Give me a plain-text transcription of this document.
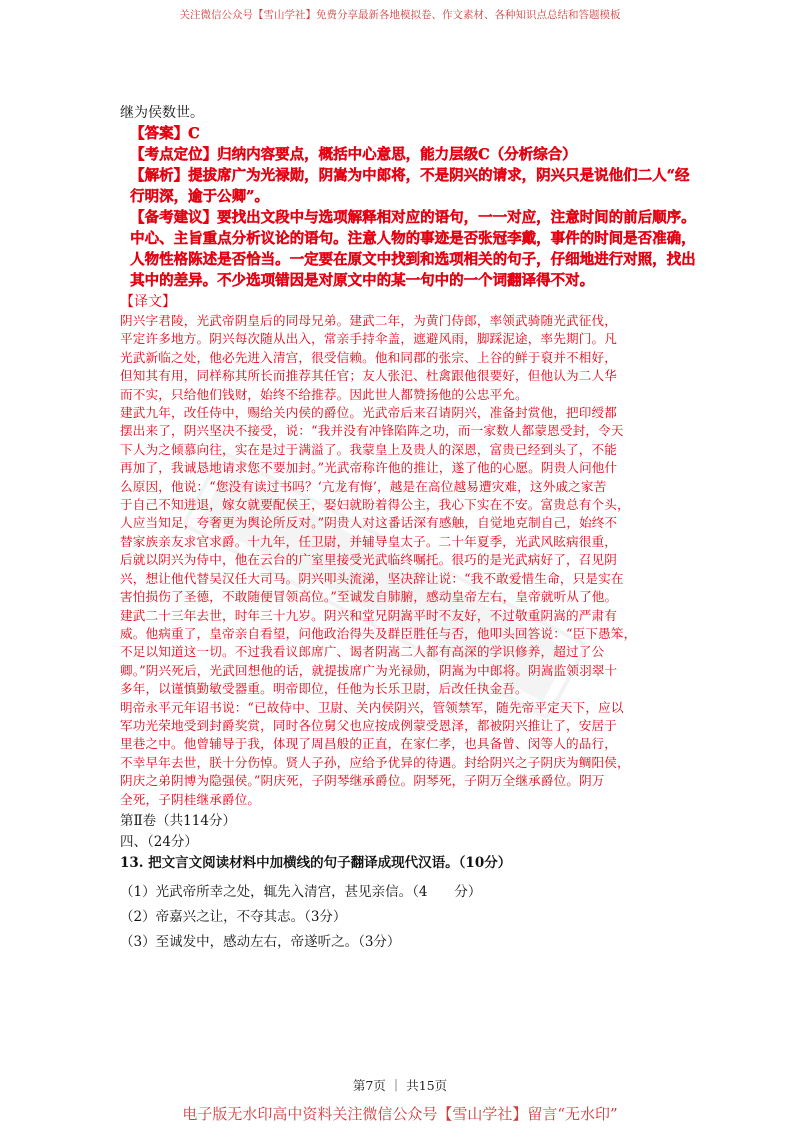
关注微信公众号【雪山学社】免费分享最新各地模拟卷、作文素材、各种知识点总结和答题模板
继为侯数世。
【答案】C
【考点定位】归纳内容要点，概括中心意思，能力层级C（分析综合）
【解析】提拔席广为光禄勋，阴嵩为中郎将，不是阴兴的请求，阴兴只是说他们二人“经
行明深，逾于公卿”。
【备考建议】要找出文段中与选项解释相对应的语句，一一对应，注意时间的前后顺序。
中心、主旨重点分析议论的语句。注意人物的事迹是否张冠李戴，事件的时间是否准确，
人物性格陈述是否恰当。一定要在原文中找到和选项相关的句子，仔细地进行对照，找出
其中的差异。不少选项错因是对原文中的某一句中的一个词翻译得不对。
【译文】
阴兴字君陵，光武帝阴皇后的同母兄弟。建武二年，为黄门侍郎，率领武骑随光武征伐，
平定许多地方。阴兴每次随从出入，常亲手持伞盖，遮避风雨，脚踩泥途，率先期门。凡
光武新临之处，他必先进入清宫，很受信赖。他和同郡的张宗、上谷的鲜于裒并不相好，
但知其有用，同样称其所长而推荐其任官；友人张汜、杜禽跟他很要好，但他认为二人华
而不实，只给他们钱财，始终不给推荐。因此世人都赞扬他的公忠平允。
建武九年，改任侍中，赐给关内侯的爵位。光武帝后来召请阴兴，准备封赏他，把印绶都
摆出来了，阴兴坚决不接受，说：“我并没有冲锋陷阵之功，而一家数人都蒙恩受封，令天
下人为之倾慕向往，实在是过于满溢了。我蒙皇上及贵人的深恩，富贵已经到头了，不能
再加了，我诚恳地请求您不要加封。”光武帝称许他的推让，遂了他的心愿。阴贵人问他什
么原因，他说：“您没有读过书吗？‘亢龙有悔’，越是在高位越易遭灾难，这外戚之家苦
于自己不知进退，嫁女就要配侯王，娶妇就盼着得公主，我心下实在不安。富贵总有个头，
人应当知足，夸奢更为舆论所反对。”阴贵人对这番话深有感触，自觉地克制自己，始终不
替家族亲友求官求爵。十九年，任卫尉，并辅导皇太子。二十年夏季，光武风眩病很重，
后就以阴兴为侍中，他在云台的广室里接受光武临终嘱托。很巧的是光武病好了，召见阴
兴，想让他代替吴汉任大司马。阴兴叩头流涕，坚决辞让说：“我不敢爱惜生命，只是实在
害怕损伤了圣德，不敢随便冒领高位。”至诚发自肺腑，感动皇帝左右，皇帝就听从了他。
建武二十三年去世，时年三十九岁。阴兴和堂兄阴嵩平时不友好，不过敬重阴嵩的严肃有
威。他病重了，皇帝亲自看望，问他政治得失及群臣胜任与否，他叩头回答说：“臣下愚笨，
不足以知道这一切。不过我看议郎席广、谒者阴嵩二人都有高深的学识修养，超过了公
卿。”阴兴死后，光武回想他的话，就提拔席广为光禄勋，阴嵩为中郎将。阴嵩监领羽翠十
多年，以谨慎勤敏受器重。明帝即位，任他为长乐卫尉，后改任执金吾。
明帝永平元年诏书说：“已故侍中、卫尉、关内侯阴兴，管领禁军，随先帝平定天下，应以
军功光荣地受到封爵奖赏，同时各位舅父也应按成例蒙受恩泽，都被阴兴推让了，安居于
里巷之中。他曾辅导于我，体现了周昌般的正直，在家仁孝，也具备曾、闵等人的品行，
不幸早年去世，朕十分伤悼。贤人子孙，应给予优异的待遇。封给阴兴之子阴庆为鲷阳侯，
阴庆之弟阴博为隐强侯。”阴庆死，子阴琴继承爵位。阴琴死，子阴万全继承爵位。阴万
全死，子阴桂继承爵位。
第Ⅱ卷（共114分）
四、（24分）
13. 把文言文阅读材料中加横线的句子翻译成现代汉语。（10分）
（1）光武帝所幸之处，辄先入清宫，甚见亲信。（4　　分）
（2）帝嘉兴之让，不夺其志。（3分）
（3）至诚发中，感动左右，帝遂听之。（3分）
第7页 ｜ 共15页
电子版无水印高中资料关注微信公众号【雪山学社】留言“无水印”
